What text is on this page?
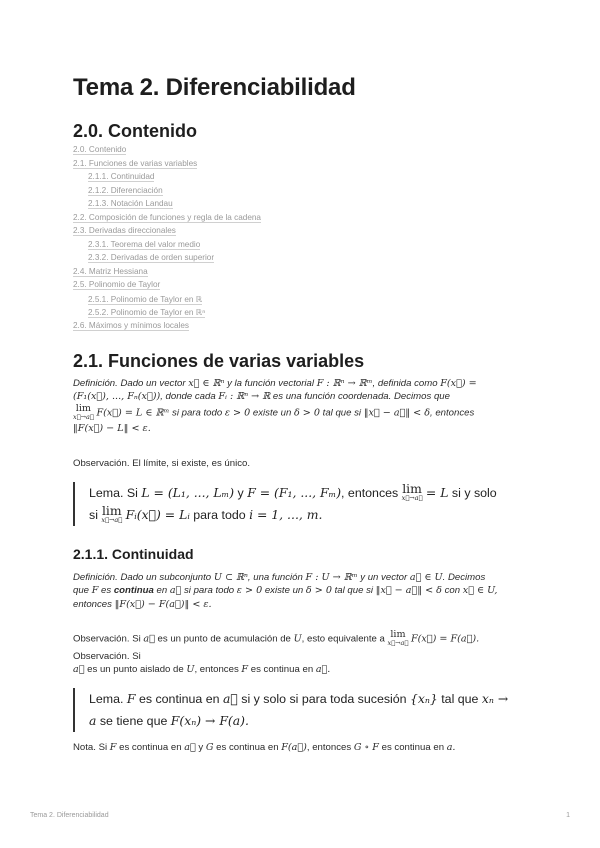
Tema 2. Diferenciabilidad
2.0. Contenido
2.0. Contenido
2.1. Funciones de varias variables
2.1.1. Continuidad
2.1.2. Diferenciación
2.1.3. Notación Landau
2.2. Composición de funciones y regla de la cadena
2.3. Derivadas direccionales
2.3.1. Teorema del valor medio
2.3.2. Derivadas de orden superior
2.4. Matriz Hessiana
2.5. Polinomio de Taylor
2.5.1. Polinomio de Taylor en ℝ
2.5.2. Polinomio de Taylor en ℝⁿ
2.6. Máximos y mínimos locales
2.1. Funciones de varias variables
Definición. Dado un vector x⃗ ∈ ℝⁿ y la función vectorial F : ℝⁿ → ℝᵐ, definida como F(x⃗) =
(F₁(x⃗), ..., Fₙ(x⃗)), donde cada Fᵢ : ℝⁿ → ℝ es una función coordenada. Decimos que
lim
x⃗→a⃗ F(x⃗) = L ∈ ℝᵐ si para todo ε > 0 existe un δ > 0 tal que si ‖x⃗ − a⃗‖ < δ, entonces
‖F(x⃗) − L‖ < ε.
Observación. El límite, si existe, es único.
Lema. Si L = (L₁, ..., Lₘ) y F = (F₁, ..., Fₘ), entonces lim
x⃗→a⃗ = L si y solo
si lim
x⃗→a⃗ Fᵢ(x⃗) = Lᵢ para todo i = 1, ..., m.
2.1.1. Continuidad
Definición. Dado un subconjunto U ⊂ ℝⁿ, una función F : U → ℝᵐ y un vector a⃗ ∈ U. Decimos
que F es continua en a⃗ si para todo ε > 0 existe un δ > 0 tal que si ‖x⃗ − a⃗‖ < δ con x⃗ ∈ U,
entonces ‖F(x⃗) − F(a⃗)‖ < ε.
Observación. Si a⃗ es un punto de acumulación de U, esto equivalente a lim
x⃗→a⃗ F(x⃗) = F(a⃗).
Observación. Si
a⃗ es un punto aislado de U, entonces F es continua en a⃗.
Lema. F es continua en a⃗ si y solo si para toda sucesión {xₙ} tal que xₙ →
a se tiene que F(xₙ) → F(a).
Nota. Si F es continua en a⃗ y G es continua en F(a⃗), entonces G ∘ F es continua en a.
Tema 2. Diferenciabilidad	1
